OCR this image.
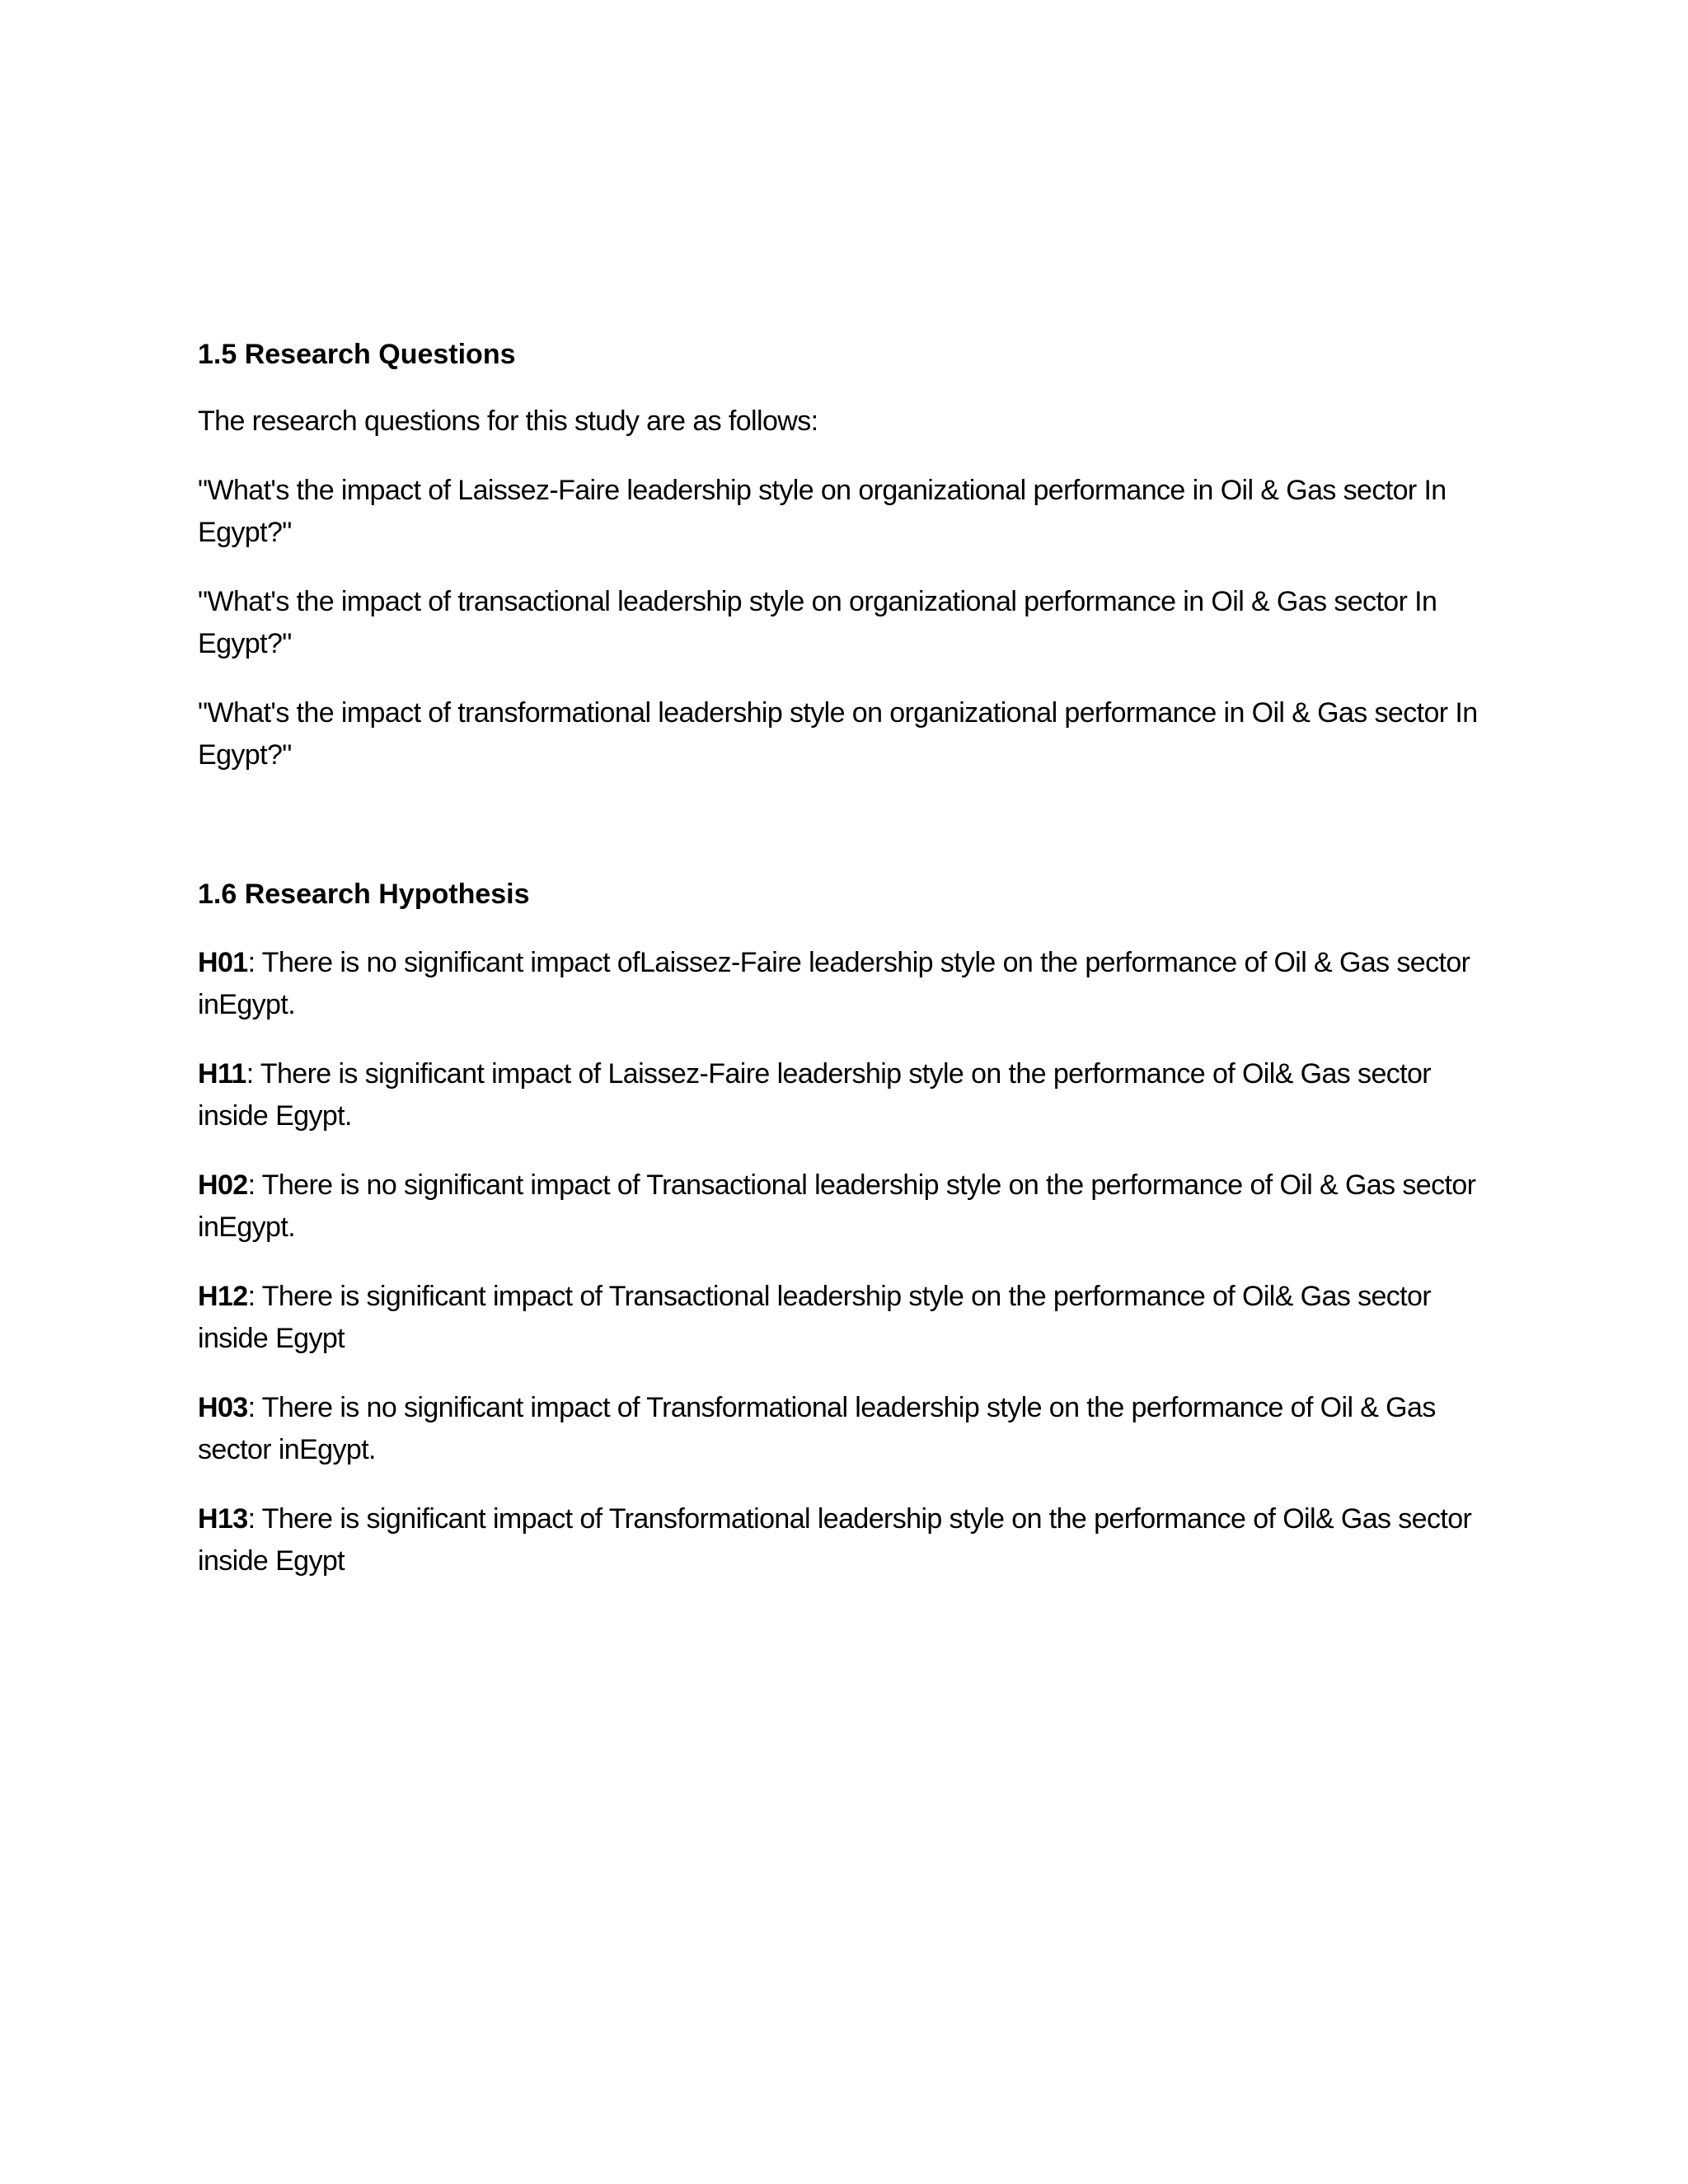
1.5 Research Questions

The research questions for this study are as follows:

"What's the impact of Laissez-Faire leadership style on organizational performance in Oil & Gas sector In Egypt?"

"What's the impact of transactional leadership style on organizational performance in Oil & Gas sector In Egypt?"

"What's the impact of transformational leadership style on organizational performance in Oil & Gas sector In Egypt?"

1.6 Research Hypothesis

H01: There is no significant impact ofLaissez-Faire leadership style on the performance of Oil & Gas sector inEgypt.

H11: There is significant impact of Laissez-Faire leadership style on the performance of Oil& Gas sector inside Egypt.

H02: There is no significant impact of Transactional leadership style on the performance of Oil & Gas sector inEgypt.

H12: There is significant impact of Transactional leadership style on the performance of Oil& Gas sector inside Egypt

H03: There is no significant impact of Transformational leadership style on the performance of Oil & Gas sector inEgypt.

H13: There is significant impact of Transformational leadership style on the performance of Oil& Gas sector inside Egypt
